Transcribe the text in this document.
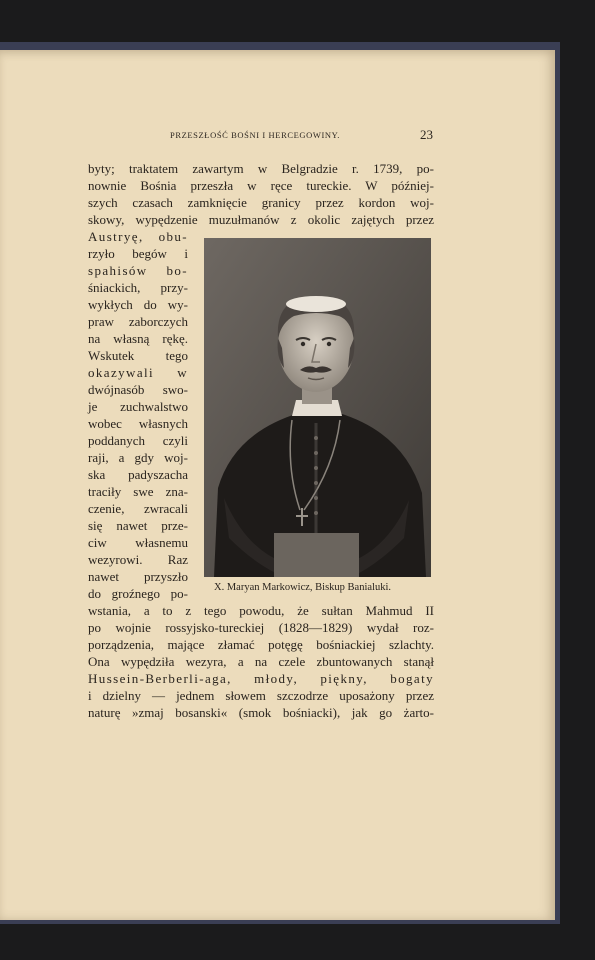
PRZESZŁOŚĆ BOŚNI I HERCEGOWINY.	23
byty; traktatem zawartym w Belgradzie r. 1739, po-
nownie Bośnia przeszła w ręce tureckie. W później-
szych czasach zamknięcie granicy przez kordon woj-
skowy, wypędzenie muzułmanów z okolic zajętych przez
Austryę, obu-
rzyło begów i
spahisów bo-
śniackich, przy-
wykłych do wy-
praw zaborczych
na własną rękę.
Wskutek tego
okazywali w
dwójnasób swo-
je zuchwalstwo
wobec własnych
poddanych czyli
raji, a gdy woj-
ska padyszacha
traciły swe zna-
czenie, zwracali
się nawet prze-
ciw własnemu
wezyrowi. Raz
nawet przyszło
do groźnego po- X. Maryan Markowicz, Biskup Banialuki.
wstania, a to z tego powodu, że sułtan Mahmud II
po wojnie rossyjsko-tureckiej (1828—1829) wydał roz-
porządzenia, mające złamać potęgę bośniackiej szlachty.
Ona wypędziła wezyra, a na czele zbuntowanych stanął
Hussein-Berberli-aga, młody, piękny, bogaty
i dzielny — jednem słowem szczodrze uposażony przez
naturę »zmaj bosanski« (smok bośniacki), jak go żarto-
